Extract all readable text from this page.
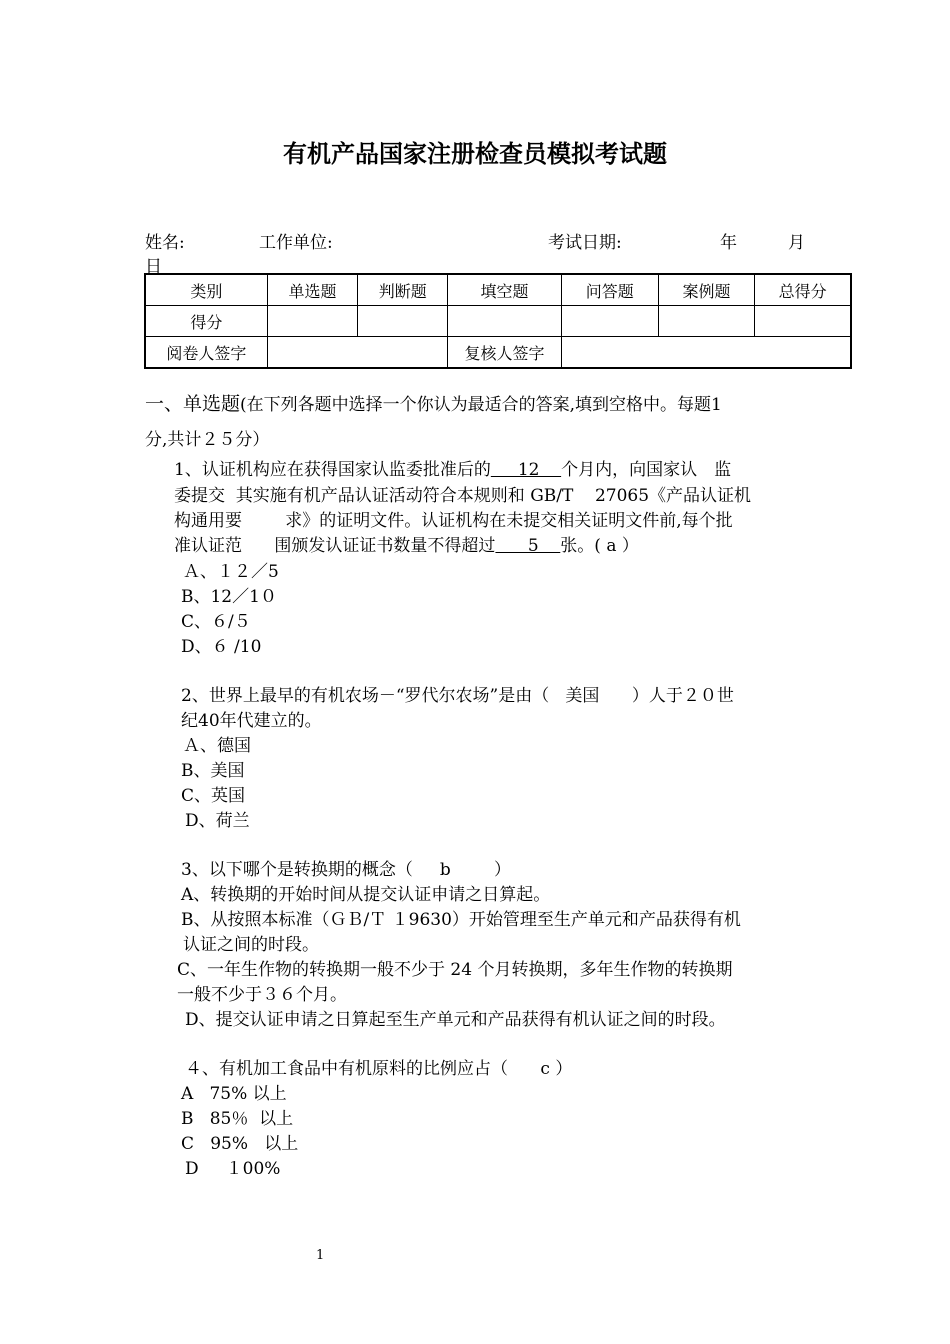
有机产品国家注册检查员模拟考试题
姓名:	工作单位:	考试日期:	年	月
日
类别	单选题	判断题	填空题	问答题	案例题	总得分
得分						
阅卷人签字			复核人签字			
一、单选题(在下列各题中选择一个你认为最适合的答案,填到空格中。每题1
分,共计２５分）
1、认证机构应在获得国家认监委批准后的     12    个月内，向国家认　监
委提交  其实施有机产品认证活动符合本规则和 GB/T    27065《产品认证机
构通用要        求》的证明文件。认证机构在未提交相关证明文件前,每个批
准认证范      围颁发认证证书数量不得超过      5    张。( a ）
Ａ、１２／5
B、12／1０
C、６/５
D、６ /10
2、世界上最早的有机农场－“罗代尔农场”是由（   美国      ）人于２０世
纪40年代建立的。
Ａ、德国
B、美国
C、英国
D、荷兰
3、以下哪个是转换期的概念（     b        ）
A、转换期的开始时间从提交认证申请之日算起。
B、从按照本标准（ＧＢ/Ｔ １9630）开始管理至生产单元和产品获得有机
认证之间的时段。
C、一年生作物的转换期一般不少于 24 个月转换期，多年生作物的转换期
一般不少于３６个月。
D、提交认证申请之日算起至生产单元和产品获得有机认证之间的时段。
４、有机加工食品中有机原料的比例应占（      c ）
A   75% 以上
B   85％  以上
C   95%   以上
D     １00%
1
